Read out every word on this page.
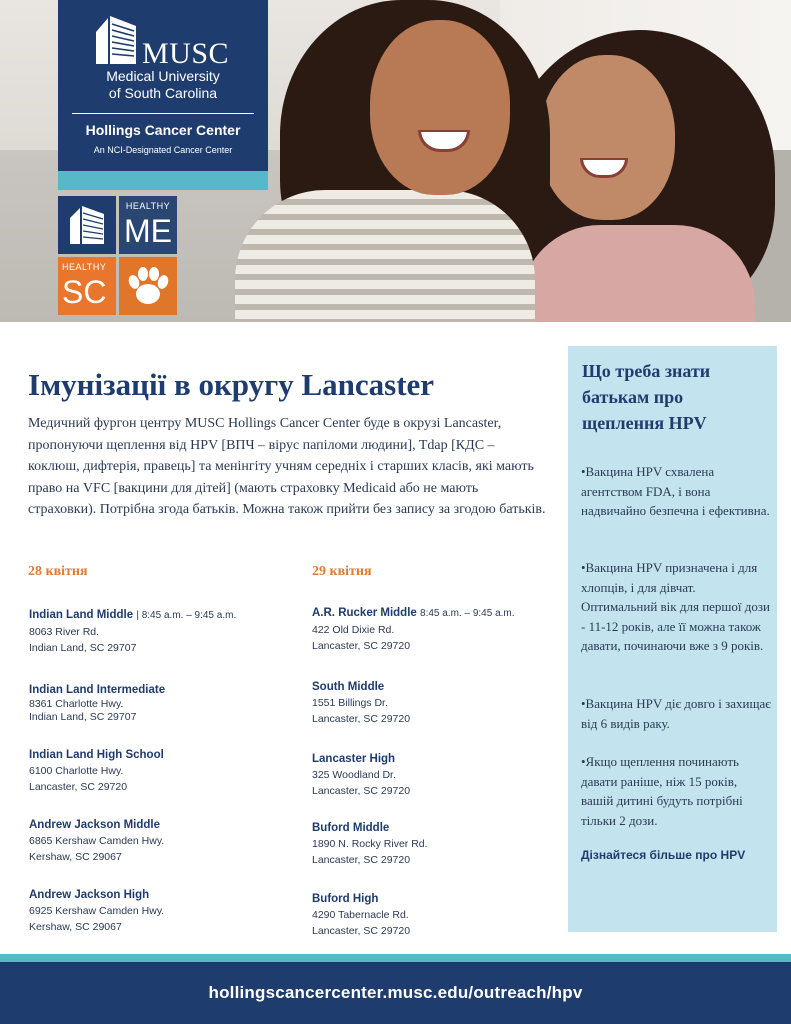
MUSC
Medical University
of South Carolina
Hollings Cancer Center
An NCI-Designated Cancer Center
HEALTHY
ME
HEALTHY
SC
Імунізації в округу Lancaster

Медичний фургон центру MUSC Hollings Cancer Center буде в окрузі Lancaster, пропонуючи щеплення від HPV [ВПЧ – вірус папіломи людини], Tdap [КДС – коклюш, дифтерія, правець] та менінгіту учням середніх і старших класів, які мають право на VFC [вакцини для дітей] (мають страховку Medicaid або не мають страховки). Потрібна згода батьків. Можна також прийти без запису за згодою батьків.

28 квітня
Indian Land Middle | 8:45 a.m. – 9:45 a.m.
8063 River Rd.
Indian Land, SC 29707
Indian Land Intermediate
8361 Charlotte Hwy.
Indian Land, SC 29707
Indian Land High School
6100 Charlotte Hwy.
Lancaster, SC 29720
Andrew Jackson Middle
6865 Kershaw Camden Hwy.
Kershaw, SC 29067
Andrew Jackson High
6925 Kershaw Camden Hwy.
Kershaw, SC 29067
29 квітня
A.R. Rucker Middle 8:45 a.m. – 9:45 a.m.
422 Old Dixie Rd.
Lancaster, SC 29720
South Middle
1551 Billings Dr.
Lancaster, SC 29720
Lancaster High
325 Woodland Dr.
Lancaster, SC 29720
Buford Middle
1890 N. Rocky River Rd.
Lancaster, SC 29720
Buford High
4290 Tabernacle Rd.
Lancaster, SC 29720
Що треба знати батькам про щеплення HPV

•Вакцина HPV схвалена агентством FDA, і вона надвичайно безпечна і ефективна.

•Вакцина HPV призначена і для хлопців, і для дівчат. Оптимальний вік для першої дози - 11-12 років, але її можна також давати, починаючи вже з 9 років.

•Вакцина HPV діє довго і захищає від 6 видів раку.

•Якщо щеплення починають давати раніше, ніж 15 років, вашій дитині будуть потрібні тільки 2 дози.

Дізнайтеся більше про HPV
hollingscancercenter.musc.edu/outreach/hpv
